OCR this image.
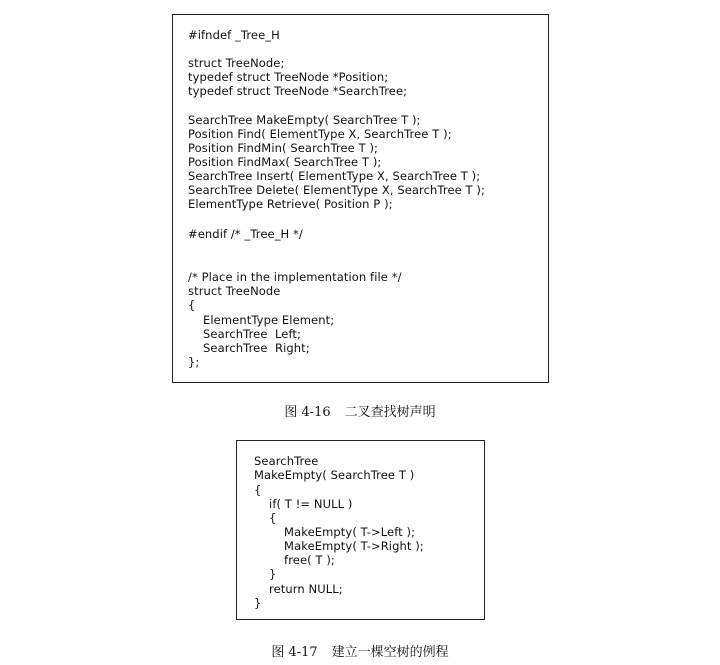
#ifndef _Tree_H
struct TreeNode;
typedef struct TreeNode *Position;
typedef struct TreeNode *SearchTree;
SearchTree MakeEmpty( SearchTree T );
Position Find( ElementType X, SearchTree T );
Position FindMin( SearchTree T );
Position FindMax( SearchTree T );
SearchTree Insert( ElementType X, SearchTree T );
SearchTree Delete( ElementType X, SearchTree T );
ElementType Retrieve( Position P );
#endif /* _Tree_H */
/* Place in the implementation file */
struct TreeNode
{
ElementType Element;
SearchTree  Left;
SearchTree  Right;
};
图 4-16 二叉查找树声明
SearchTree
MakeEmpty( SearchTree T )
{
if( T != NULL )
{
MakeEmpty( T->Left );
MakeEmpty( T->Right );
free( T );
}
return NULL;
}
图 4-17 建立一棵空树的例程
